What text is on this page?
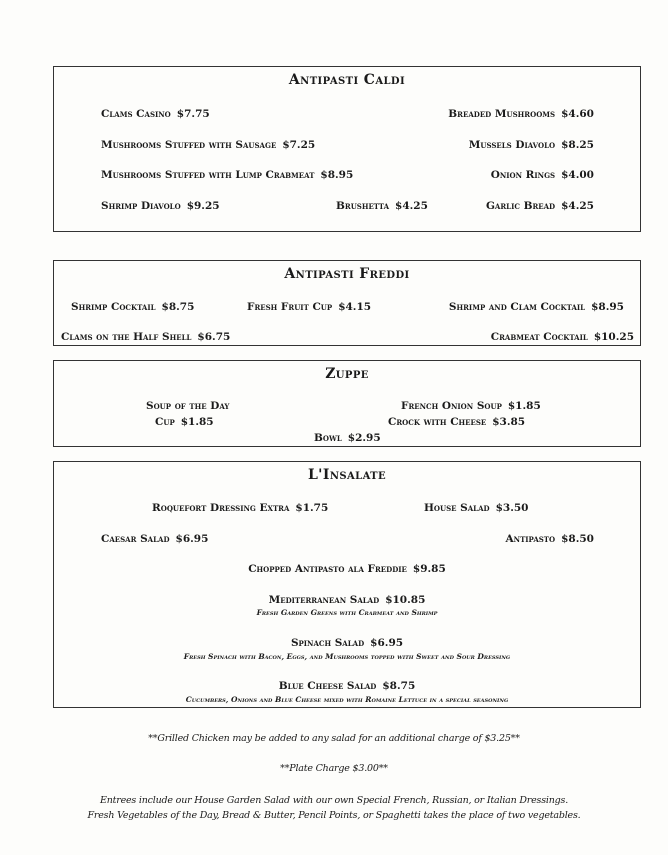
Antipasti Caldi
Clams Casino $7.75	Breaded Mushrooms $4.60
Mushrooms Stuffed with Sausage $7.25	Mussels Diavolo $8.25
Mushrooms Stuffed with Lump Crabmeat $8.95	Onion Rings $4.00
Shrimp Diavolo $9.25	Brushetta $4.25	Garlic Bread $4.25
Antipasti Freddi
Shrimp Cocktail $8.75	Fresh Fruit Cup $4.15	Shrimp and Clam Cocktail $8.95
Clams on the Half Shell $6.75	Crabmeat Cocktail $10.25
Zuppe
Soup of the Day
Cup $1.85
French Onion Soup $1.85
Crock with Cheese $3.85
Bowl $2.95
L'Insalate
Roquefort Dressing Extra $1.75	House Salad $3.50
Caesar Salad $6.95	Antipasto $8.50
Chopped Antipasto ala Freddie $9.85
Mediterranean Salad $10.85
Fresh Garden Greens with Crabmeat and Shrimp
Spinach Salad $6.95
Fresh Spinach with Bacon, Eggs, and Mushrooms topped with Sweet and Sour Dressing
Blue Cheese Salad $8.75
Cucumbers, Onions and Blue Cheese mixed with Romaine Lettuce in a special seasoning
**Grilled Chicken may be added to any salad for an additional charge of $3.25**
**Plate Charge $3.00**
Entrees include our House Garden Salad with our own Special French, Russian, or Italian Dressings.
Fresh Vegetables of the Day, Bread & Butter, Pencil Points, or Spaghetti takes the place of two vegetables.
